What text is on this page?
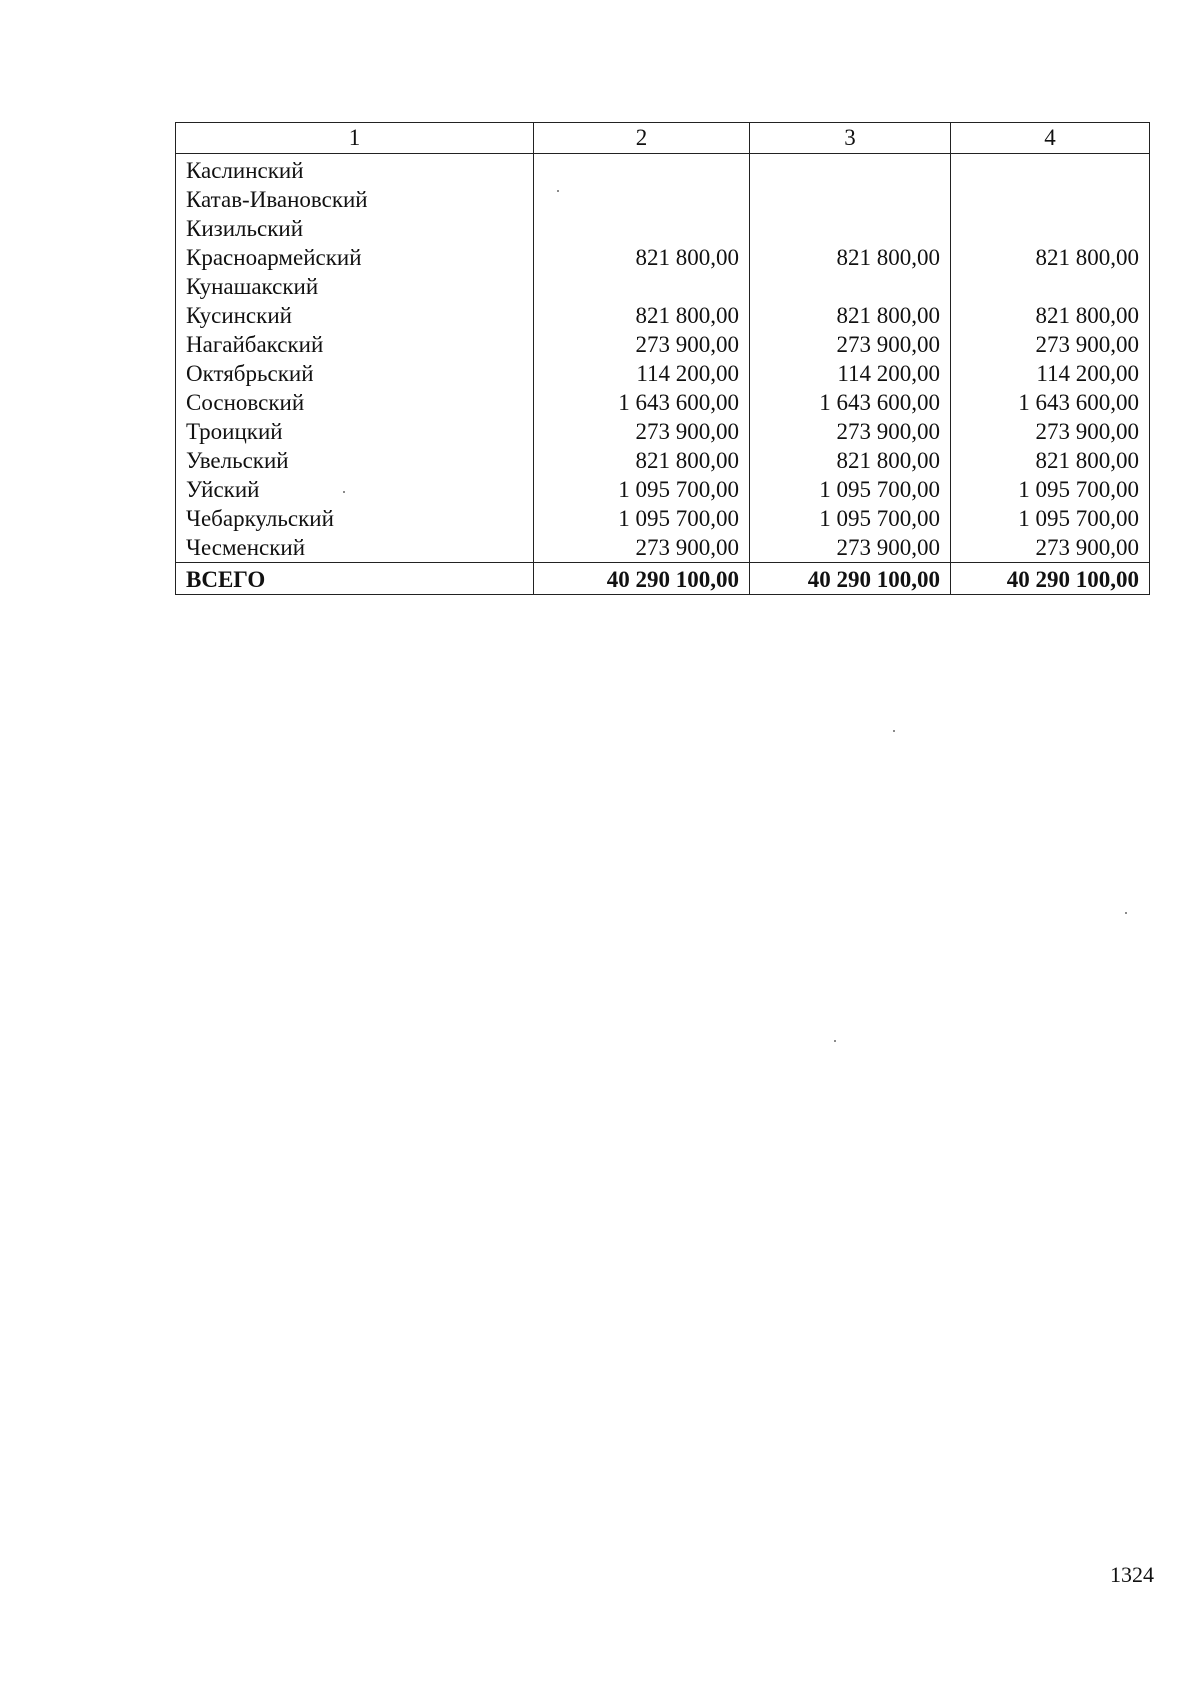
1	2	3	4
Каслинский			
Катав-Ивановский			
Кизильский			
Красноармейский	821 800,00	821 800,00	821 800,00
Кунашакский			
Кусинский	821 800,00	821 800,00	821 800,00
Нагайбакский	273 900,00	273 900,00	273 900,00
Октябрьский	114 200,00	114 200,00	114 200,00
Сосновский	1 643 600,00	1 643 600,00	1 643 600,00
Троицкий	273 900,00	273 900,00	273 900,00
Увельский	821 800,00	821 800,00	821 800,00
Уйский	1 095 700,00	1 095 700,00	1 095 700,00
Чебаркульский	1 095 700,00	1 095 700,00	1 095 700,00
Чесменский	273 900,00	273 900,00	273 900,00
ВСЕГО	40 290 100,00	40 290 100,00	40 290 100,00
1324
